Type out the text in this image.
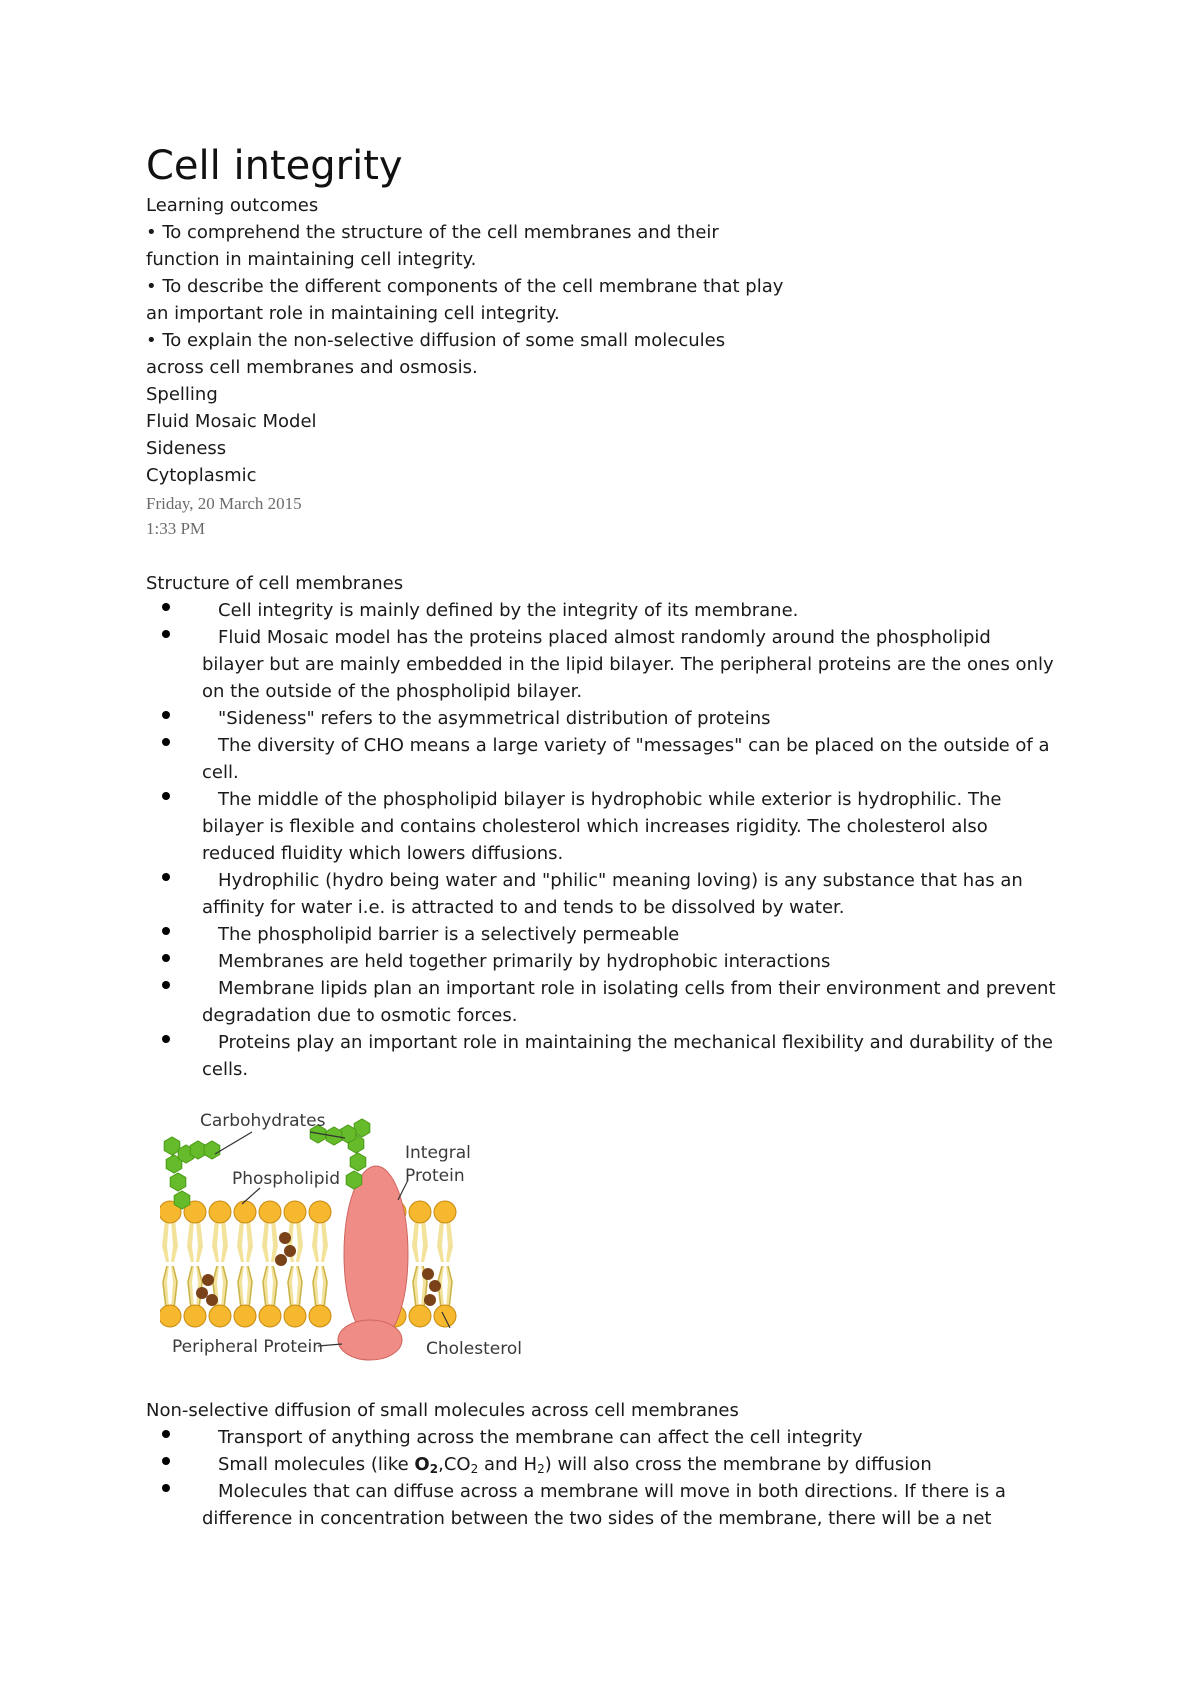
Cell integrity
Learning outcomes
• To comprehend the structure of the cell membranes and their
function in maintaining cell integrity.
• To describe the different components of the cell membrane that play
an important role in maintaining cell integrity.
• To explain the non-selective diffusion of some small molecules
across cell membranes and osmosis.
Spelling
Fluid Mosaic Model
Sideness
Cytoplasmic
Friday, 20 March 2015
1:33 PM
Structure of cell membranes
Cell integrity is mainly defined by the integrity of its membrane.
Fluid Mosaic model has the proteins placed almost randomly around the phospholipid
bilayer but are mainly embedded in the lipid bilayer. The peripheral proteins are the ones only
on the outside of the phospholipid bilayer.
"Sideness" refers to the asymmetrical distribution of proteins
The diversity of CHO means a large variety of "messages" can be placed on the outside of a
cell.
The middle of the phospholipid bilayer is hydrophobic while exterior is hydrophilic. The
bilayer is flexible and contains cholesterol which increases rigidity. The cholesterol also
reduced fluidity which lowers diffusions.
Hydrophilic (hydro being water and "philic" meaning loving) is any substance that has an
affinity for water i.e. is attracted to and tends to be dissolved by water.
The phospholipid barrier is a selectively permeable
Membranes are held together primarily by hydrophobic interactions
Membrane lipids plan an important role in isolating cells from their environment and prevent
degradation due to osmotic forces.
Proteins play an important role in maintaining the mechanical flexibility and durability of the
cells.
Carbohydrates
Integral
Protein
Phospholipid
Peripheral Protein	Cholesterol
Non-selective diffusion of small molecules across cell membranes
Transport of anything across the membrane can affect the cell integrity
Small molecules (like $O_2,CO_2$ and $H_2$) will also cross the membrane by diffusion
Molecules that can diffuse across a membrane will move in both directions. If there is a
difference in concentration between the two sides of the membrane, there will be a net
